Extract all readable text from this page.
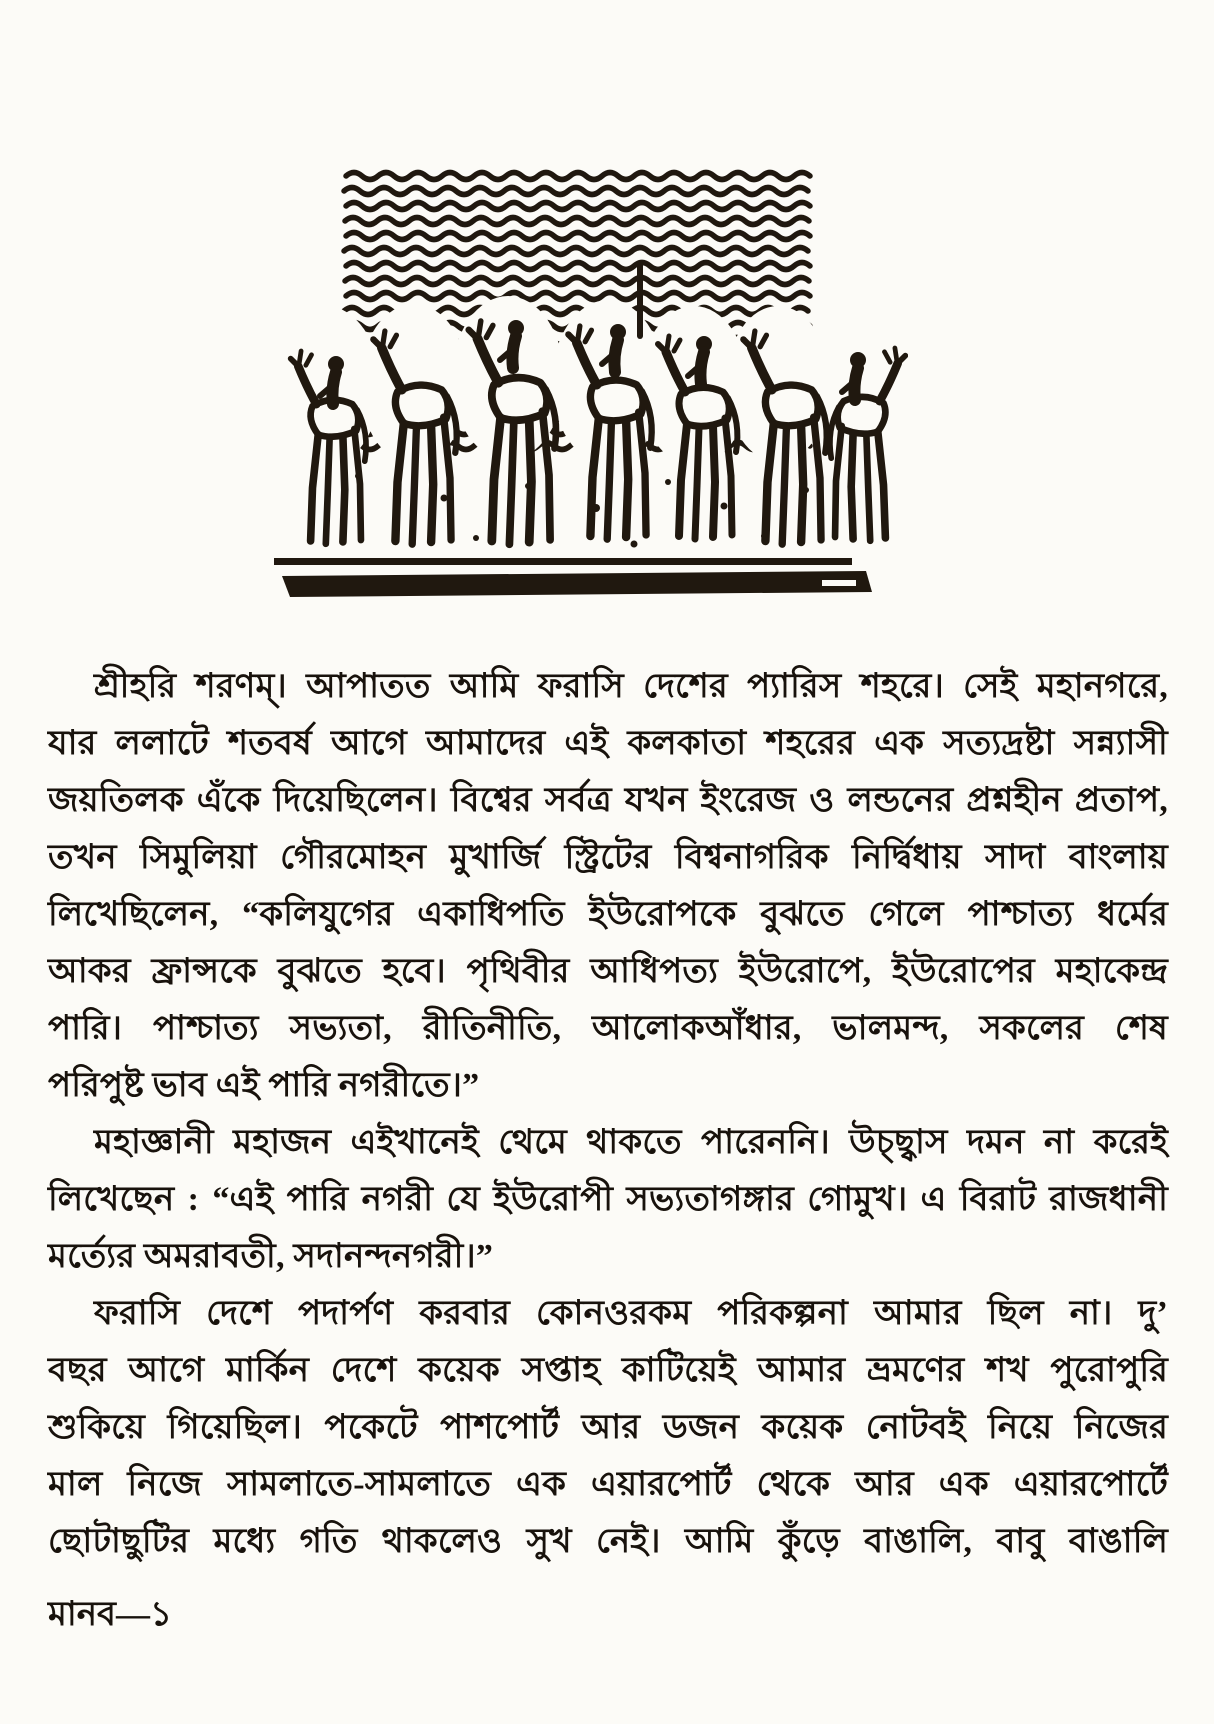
শ্রীহরি শরণম্‌। আপাতত আমি ফরাসি দেশের প্যারিস শহরে। সেই মহানগরে,
যার ললাটে শতবর্ষ আগে আমাদের এই কলকাতা শহরের এক সত্যদ্রষ্টা সন্ন্যাসী
জয়তিলক এঁকে দিয়েছিলেন। বিশ্বের সর্বত্র যখন ইংরেজ ও লন্ডনের প্রশ্নহীন প্রতাপ,
তখন সিমুলিয়া গৌরমোহন মুখার্জি স্ট্রিটের বিশ্বনাগরিক নির্দ্বিধায় সাদা বাংলায়
লিখেছিলেন, “কলিযুগের একাধিপতি ইউরোপকে বুঝতে গেলে পাশ্চাত্য ধর্মের
আকর ফ্রান্সকে বুঝতে হবে। পৃথিবীর আধিপত্য ইউরোপে, ইউরোপের মহাকেন্দ্র
পারি। পাশ্চাত্য সভ্যতা, রীতিনীতি, আলোকআঁধার, ভালমন্দ, সকলের শেষ
পরিপুষ্ট ভাব এই পারি নগরীতে।”
মহাজ্ঞানী মহাজন এইখানেই থেমে থাকতে পারেননি। উচ্ছ্বাস দমন না করেই
লিখেছেন : “এই পারি নগরী যে ইউরোপী সভ্যতাগঙ্গার গোমুখ। এ বিরাট রাজধানী
মর্ত্যের অমরাবতী, সদানন্দনগরী।”
ফরাসি দেশে পদার্পণ করবার কোনওরকম পরিকল্পনা আমার ছিল না। দু’
বছর আগে মার্কিন দেশে কয়েক সপ্তাহ কাটিয়েই আমার ভ্রমণের শখ পুরোপুরি
শুকিয়ে গিয়েছিল। পকেটে পাশপোর্ট আর ডজন কয়েক নোটবই নিয়ে নিজের
মাল নিজে সামলাতে-সামলাতে এক এয়ারপোর্ট থেকে আর এক এয়ারপোর্টে
ছোটাছুটির মধ্যে গতি থাকলেও সুখ নেই। আমি কুঁড়ে বাঙালি, বাবু বাঙালি
মানব—১
